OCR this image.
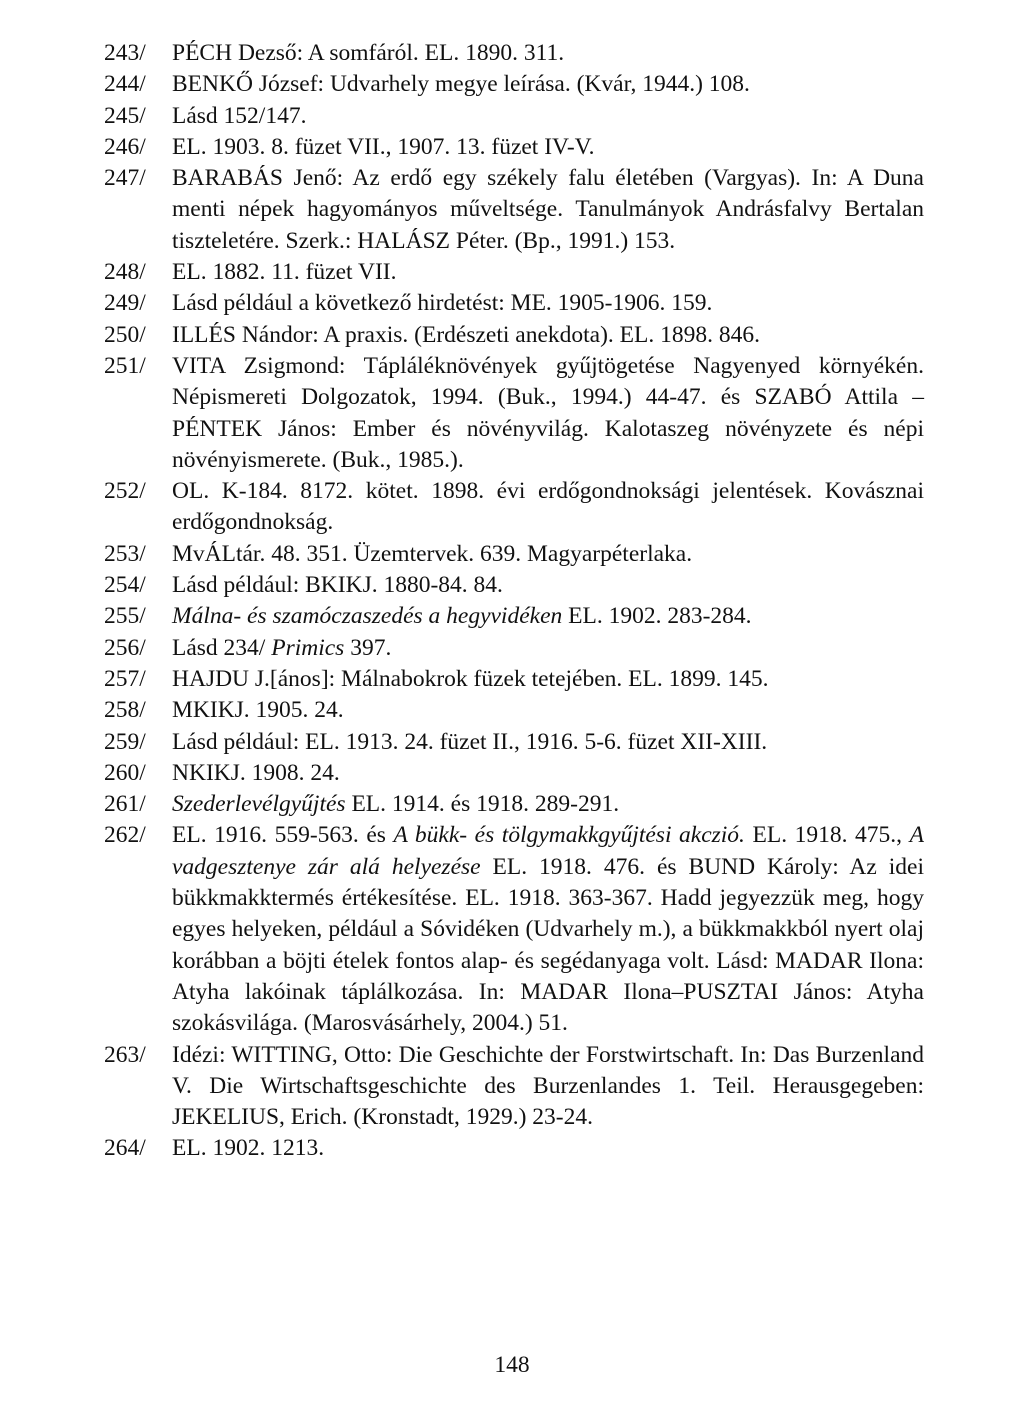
243/	PÉCH Dezső: A somfáról. EL. 1890. 311.
244/	BENKŐ József: Udvarhely megye leírása. (Kvár, 1944.) 108.
245/	Lásd 152/147.
246/	EL. 1903. 8. füzet VII., 1907. 13. füzet IV-V.
247/	BARABÁS Jenő: Az erdő egy székely falu életében (Vargyas). In: A Duna menti népek hagyományos műveltsége. Tanulmányok Andrásfalvy Bertalan tiszteletére. Szerk.: HALÁSZ Péter. (Bp., 1991.) 153.
248/	EL. 1882. 11. füzet VII.
249/	Lásd például a következő hirdetést: ME. 1905-1906. 159.
250/	ILLÉS Nándor: A praxis. (Erdészeti anekdota). EL. 1898. 846.
251/	VITA Zsigmond: Tápláléknövények gyűjtögetése Nagyenyed környékén. Népismereti Dolgozatok, 1994. (Buk., 1994.) 44-47. és SZABÓ Attila – PÉNTEK János: Ember és növényvilág. Kalotaszeg növényzete és népi növényismerete. (Buk., 1985.).
252/	OL. K-184. 8172. kötet. 1898. évi erdőgondnoksági jelentések. Kovásznai erdőgondnokság.
253/	MvÁLtár. 48. 351. Üzemtervek. 639. Magyarpéterlaka.
254/	Lásd például: BKIKJ. 1880-84. 84.
255/	Málna- és szamóczaszedés a hegyvidéken EL. 1902. 283-284.
256/	Lásd 234/ Primics 397.
257/	HAJDU J.[ános]: Málnabokrok füzek tetejében. EL. 1899. 145.
258/	MKIKJ. 1905. 24.
259/	Lásd például: EL. 1913. 24. füzet II., 1916. 5-6. füzet XII-XIII.
260/	NKIKJ. 1908. 24.
261/	Szederlevélgyűjtés EL. 1914. és 1918. 289-291.
262/	EL. 1916. 559-563. és A bükk- és tölgymakkgyűjtési akczió. EL. 1918. 475., A vadgesztenye zár alá helyezése EL. 1918. 476. és BUND Károly: Az idei bükkmakktermés értékesítése. EL. 1918. 363-367. Hadd jegyezzük meg, hogy egyes helyeken, például a Sóvidéken (Udvarhely m.), a bükkmakkból nyert olaj korábban a böjti ételek fontos alap- és segédanyaga volt. Lásd: MADAR Ilona: Atyha lakóinak táplálkozása. In: MADAR Ilona–PUSZTAI János: Atyha szokásvilága. (Marosvásárhely, 2004.) 51.
263/	Idézi: WITTING, Otto: Die Geschichte der Forstwirtschaft. In: Das Burzenland V. Die Wirtschaftsgeschichte des Burzenlandes 1. Teil. Herausgegeben: JEKELIUS, Erich. (Kronstadt, 1929.) 23-24.
264/	EL. 1902. 1213.
148
